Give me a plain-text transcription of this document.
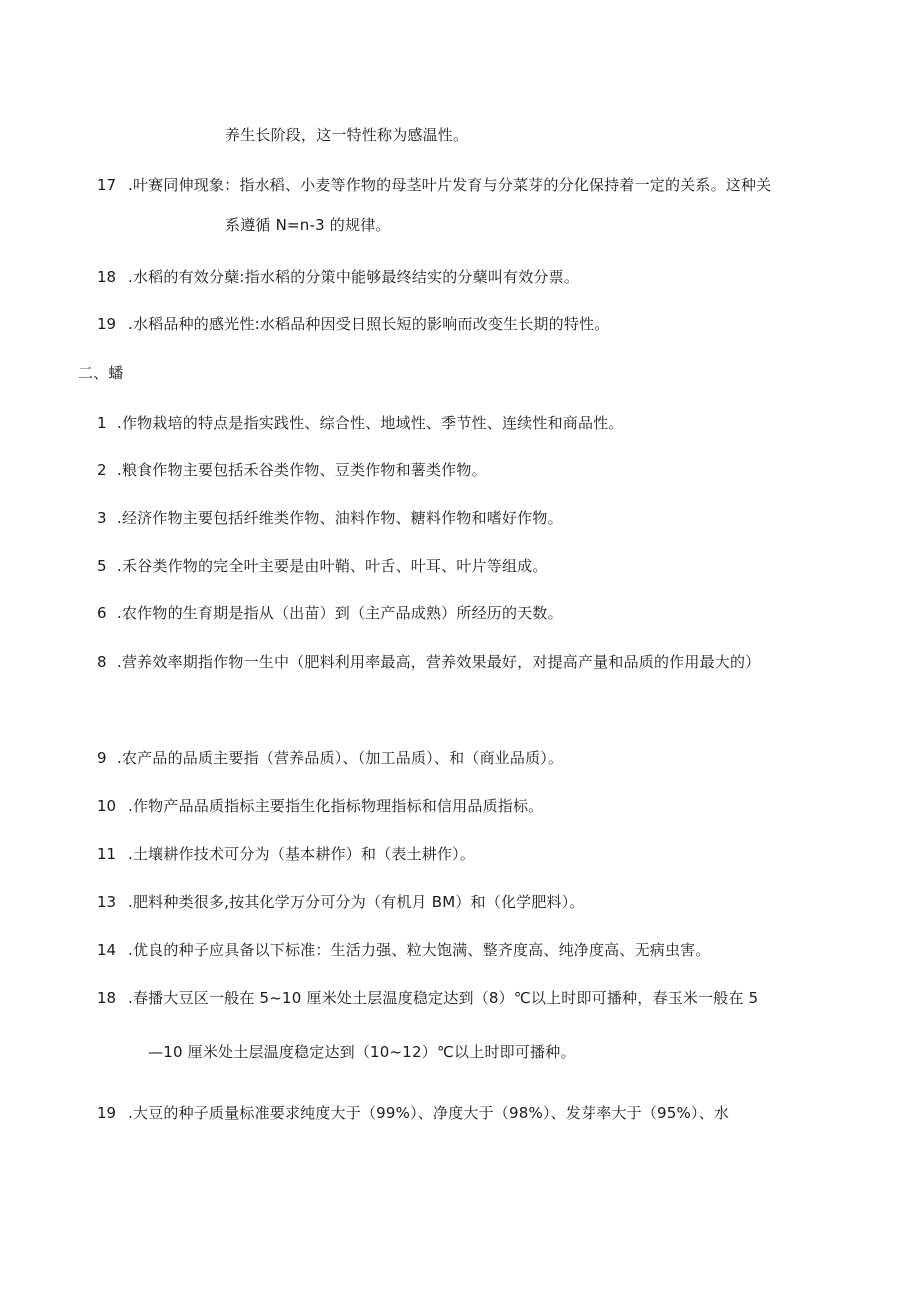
养生长阶段，这一特性称为感温性。
17 .叶赛同伸现象：指水稻、小麦等作物的母茎叶片发育与分菜芽的分化保持着一定的关系。这种关
系遵循 N=n-3 的规律。
18 .水稻的有效分蘖:指水稻的分策中能够最终结实的分蘖叫有效分票。
19 .水稻品种的感光性:水稻品种因受日照长短的影响而改变生长期的特性。
二、蟠
1 .作物栽培的特点是指实践性、综合性、地域性、季节性、连续性和商品性。
2 .粮食作物主要包括禾谷类作物、豆类作物和薯类作物。
3 .经济作物主要包括纤维类作物、油料作物、糖料作物和嗜好作物。
5 .禾谷类作物的完全叶主要是由叶鞘、叶舌、叶耳、叶片等组成。
6 .农作物的生育期是指从（出苗）到（主产品成熟）所经历的天数。
8 .营养效率期指作物一生中（肥料利用率最高，营养效果最好，对提高产量和品质的作用最大的）
9 .农产品的品质主要指（营养品质）、（加工品质）、和（商业品质）。
10 .作物产品品质指标主要指生化指标物理指标和信用品质指标。
11 .土壤耕作技术可分为（基本耕作）和（表土耕作）。
13 .肥料种类很多,按其化学万分可分为（有机月 BM）和（化学肥料）。
14 .优良的种子应具备以下标准：生活力强、粒大饱满、整齐度高、纯净度高、无病虫害。
18 .春播大豆区一般在 5~10 厘米处土层温度稳定达到（8）℃以上时即可播种，春玉米一般在 5
—10 厘米处土层温度稳定达到（10~12）℃以上时即可播种。
19 .大豆的种子质量标准要求纯度大于（99%）、净度大于（98%）、发芽率大于（95%）、水
